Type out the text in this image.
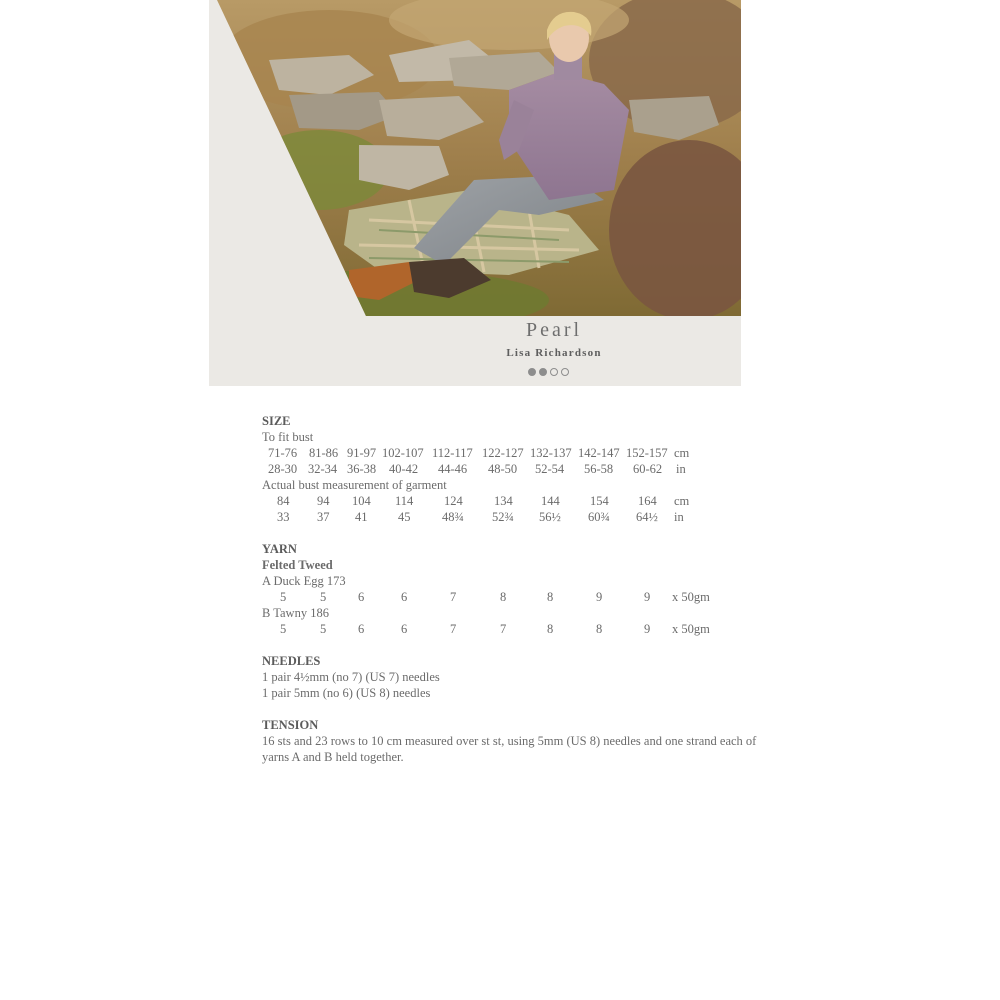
Pearl
Lisa Richardson
SIZE
To fit bust
71-76 81-86 91-97 102-107 112-117 122-127 132-137 142-147 152-157 cm
28-30 32-34 36-38 40-42 44-46 48-50 52-54 56-58 60-62 in
Actual bust measurement of garment
84 94 104 114 124	134 144 154 164 cm
33 37 41 45	48¾ 52¾ 56½ 60¾ 64½ in
YARN
Felted Tweed
A Duck Egg 173
5	5	6	6	7	8	8	9	9 x 50gm
B Tawny 186
5	5	6	6	7	7	8	8	9 x 50gm
NEEDLES
1 pair 4½mm (no 7) (US 7) needles
1 pair 5mm (no 6) (US 8) needles
TENSION
16 sts and 23 rows to 10 cm measured over st st, using 5mm (US 8) needles and one strand each of yarns A and B held together.
